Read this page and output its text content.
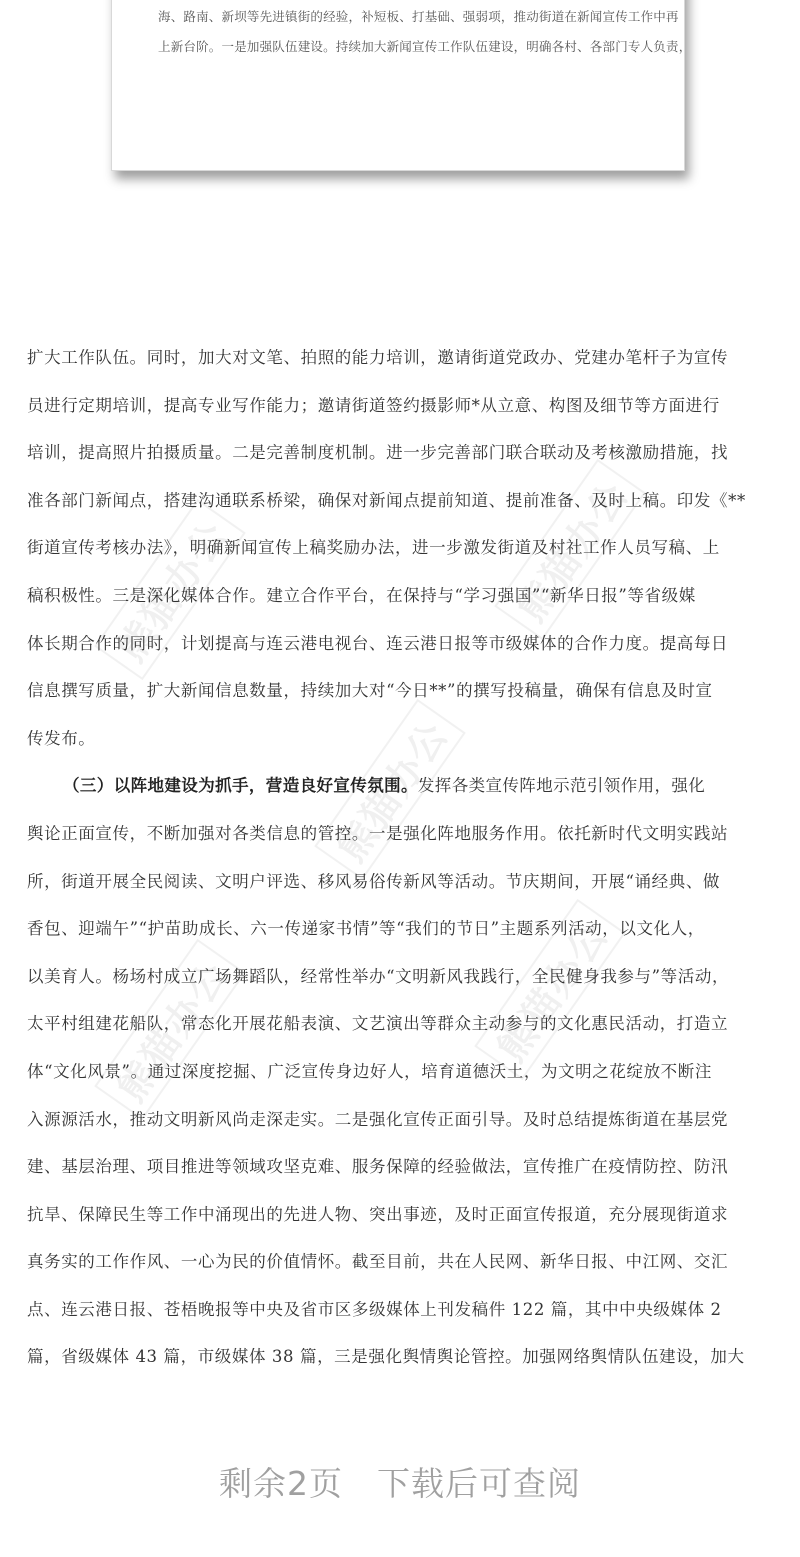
海、路南、新坝等先进镇街的经验，补短板、打基础、强弱项，推动街道在新闻宣传工作中再
上新台阶。一是加强队伍建设。持续加大新闻宣传工作队伍建设，明确各村、各部门专人负责，
熊猫办公
熊猫办公
熊猫办公
熊猫办公	熊猫办公
扩大工作队伍。同时，加大对文笔、拍照的能力培训，邀请街道党政办、党建办笔杆子为宣传
员进行定期培训，提高专业写作能力；邀请街道签约摄影师*从立意、构图及细节等方面进行
培训，提高照片拍摄质量。二是完善制度机制。进一步完善部门联合联动及考核激励措施，找
准各部门新闻点，搭建沟通联系桥梁，确保对新闻点提前知道、提前准备、及时上稿。印发《**
街道宣传考核办法》，明确新闻宣传上稿奖励办法，进一步激发街道及村社工作人员写稿、上
稿积极性。三是深化媒体合作。建立合作平台，在保持与“学习强国”“新华日报”等省级媒
体长期合作的同时，计划提高与连云港电视台、连云港日报等市级媒体的合作力度。提高每日
信息撰写质量，扩大新闻信息数量，持续加大对“今日**”的撰写投稿量，确保有信息及时宣
传发布。
（三）以阵地建设为抓手，营造良好宣传氛围。发挥各类宣传阵地示范引领作用，强化
舆论正面宣传，不断加强对各类信息的管控。一是强化阵地服务作用。依托新时代文明实践站
所，街道开展全民阅读、文明户评选、移风易俗传新风等活动。节庆期间，开展“诵经典、做
香包、迎端午”“护苗助成长、六一传递家书情”等“我们的节日”主题系列活动，以文化人，
以美育人。杨场村成立广场舞蹈队，经常性举办“文明新风我践行，全民健身我参与”等活动，
太平村组建花船队，常态化开展花船表演、文艺演出等群众主动参与的文化惠民活动，打造立
体“文化风景”。通过深度挖掘、广泛宣传身边好人，培育道德沃土，为文明之花绽放不断注
入源源活水，推动文明新风尚走深走实。二是强化宣传正面引导。及时总结提炼街道在基层党
建、基层治理、项目推进等领域攻坚克难、服务保障的经验做法，宣传推广在疫情防控、防汛
抗旱、保障民生等工作中涌现出的先进人物、突出事迹，及时正面宣传报道，充分展现街道求
真务实的工作作风、一心为民的价值情怀。截至目前，共在人民网、新华日报、中江网、交汇
点、连云港日报、苍梧晚报等中央及省市区多级媒体上刊发稿件 122 篇，其中中央级媒体 2
篇，省级媒体 43 篇，市级媒体 38 篇，三是强化舆情舆论管控。加强网络舆情队伍建设，加大
剩余2页 下载后可查阅
